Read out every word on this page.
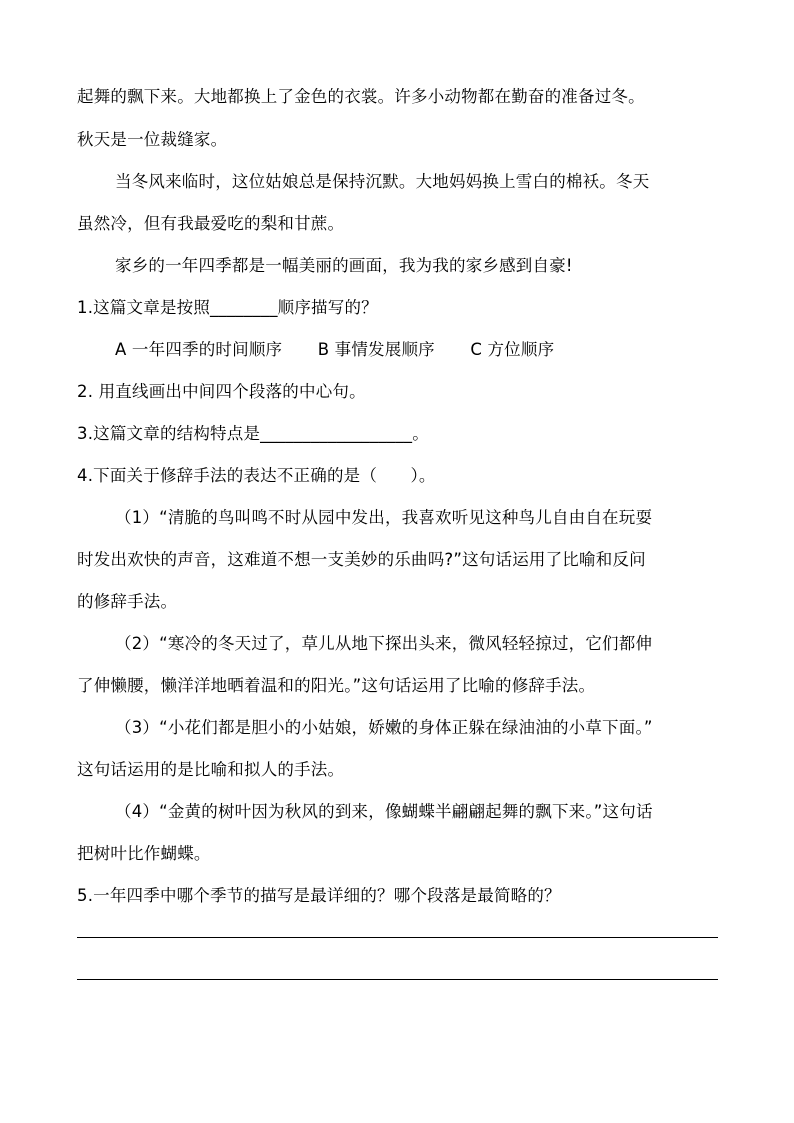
起舞的飘下来。大地都换上了金色的衣裳。许多小动物都在勤奋的准备过冬。
秋天是一位裁缝家。
当冬风来临时，这位姑娘总是保持沉默。大地妈妈换上雪白的棉袄。冬天
虽然冷，但有我最爱吃的梨和甘蔗。
家乡的一年四季都是一幅美丽的画面，我为我的家乡感到自豪!
1.这篇文章是按照________顺序描写的？
A 一年四季的时间顺序 B 事情发展顺序 C 方位顺序
2. 用直线画出中间四个段落的中心句。
3.这篇文章的结构特点是__________________。
4.下面关于修辞手法的表达不正确的是（　　）。
（1）“清脆的鸟叫鸣不时从园中发出，我喜欢听见这种鸟儿自由自在玩耍
时发出欢快的声音，这难道不想一支美妙的乐曲吗?”这句话运用了比喻和反问
的修辞手法。
（2）“寒冷的冬天过了，草儿从地下探出头来，微风轻轻掠过，它们都伸
了伸懒腰，懒洋洋地晒着温和的阳光。”这句话运用了比喻的修辞手法。
（3）“小花们都是胆小的小姑娘，娇嫩的身体正躲在绿油油的小草下面。”
这句话运用的是比喻和拟人的手法。
（4）“金黄的树叶因为秋风的到来，像蝴蝶半翩翩起舞的飘下来。”这句话
把树叶比作蝴蝶。
5.一年四季中哪个季节的描写是最详细的？哪个段落是最简略的？
